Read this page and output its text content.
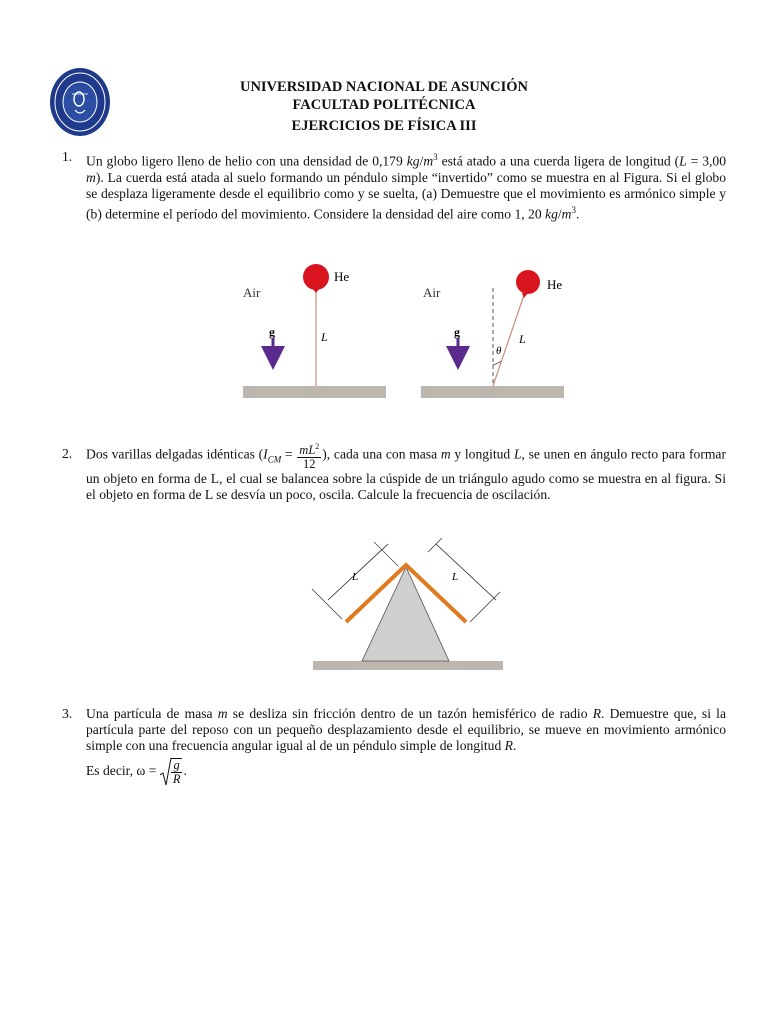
UNIVERSIDAD NACIONAL DE ASUNCIÓN
FACULTAD POLITÉCNICA
EJERCICIOS DE FÍSICA III
1. Un globo ligero lleno de helio con una densidad de 0,179 $kg/m^3$ está atado a una cuerda ligera de longitud (L = 3,00 m). La cuerda está atada al suelo formando un péndulo simple “invertido” como se muestra en al Figura. Si el globo se desplaza ligeramente desde el equilibrio como y se suelta, (a) Demuestre que el movimiento es armónico simple y (b) determine el período del movimiento. Considere la densidad del aire como 1, 20 $kg/m^3$.
He
Air
g	L
He
Air
g	L
θ
2. Dos varillas delgadas idénticas ($I_{CM} = \frac{mL^2}{12}$ ), cada una con masa m y longitud L, se unen en ángulo recto para formar un objeto en forma de L, el cual se balancea sobre la cúspide de un triángulo agudo como se muestra en al figura. Si el objeto en forma de L se desvía un poco, oscila. Calcule la frecuencia de oscilación.
L	L
3. Una partícula de masa m se desliza sin fricción dentro de un tazón hemisférico de radio R. Demuestre que, si la partícula parte del reposo con un pequeño desplazamiento desde el equilibrio, se mueve en movimiento armónico simple con una frecuencia angular igual al de un péndulo simple de longitud R.
Es decir, $\omega = \frac{g}{R}$ .
